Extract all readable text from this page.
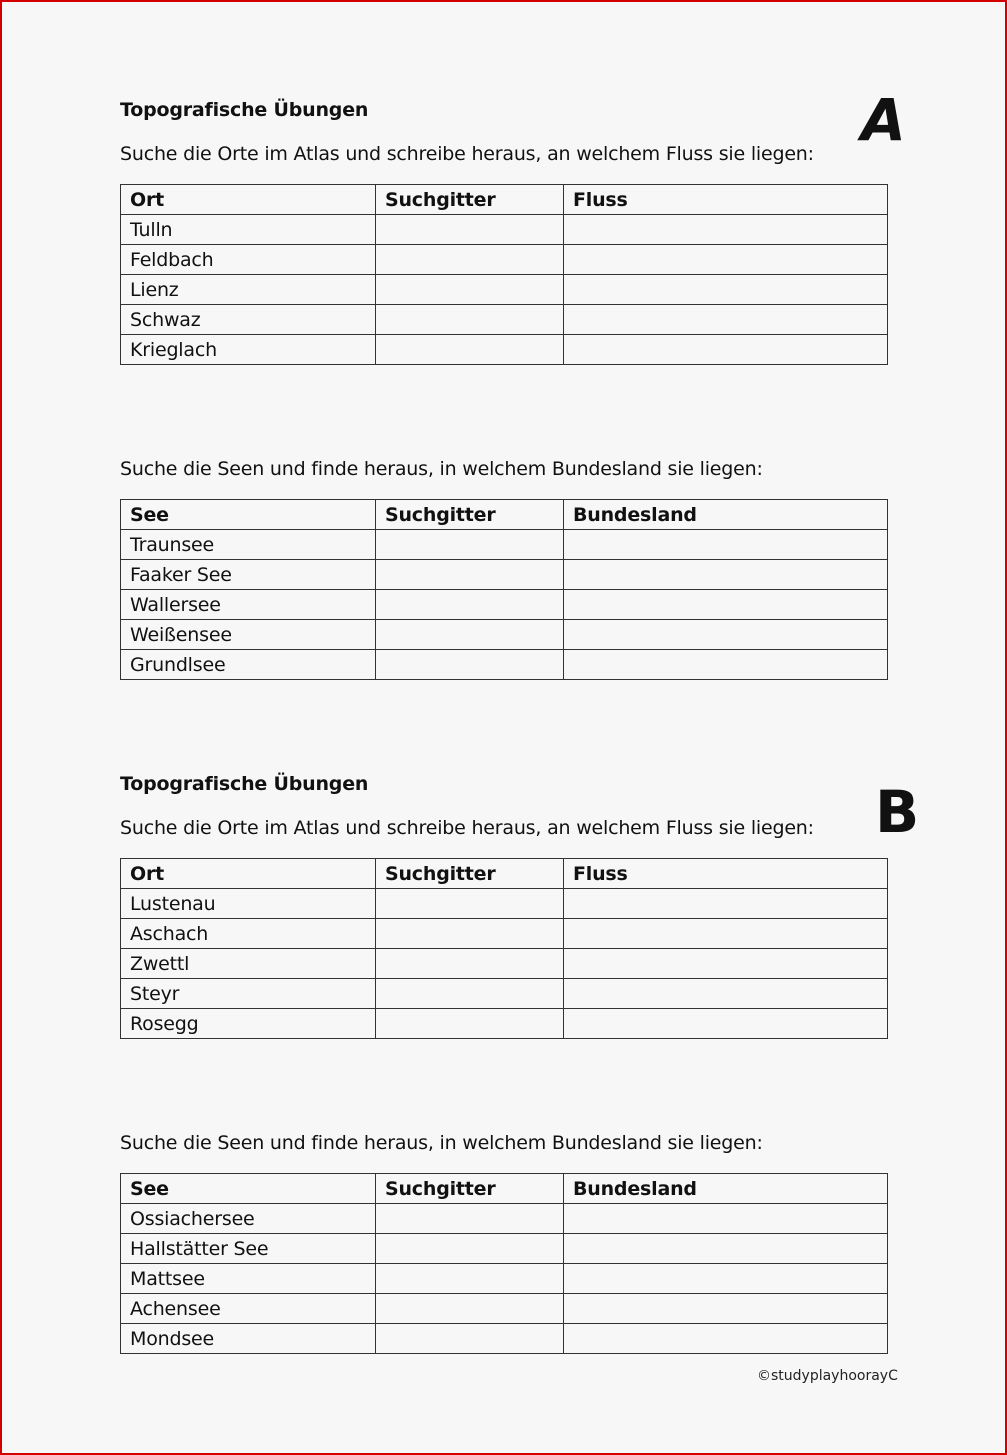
Topografische Übungen	A

Suche die Orte im Atlas und schreibe heraus, an welchem Fluss sie liegen:

Ort	Suchgitter	Fluss
Tulln		
Feldbach		
Lienz		
Schwaz		
Krieglach		

Suche die Seen und finde heraus, in welchem Bundesland sie liegen:

See	Suchgitter	Bundesland
Traunsee		
Faaker See		
Wallersee		
Weißensee		
Grundlsee		

Topografische Übungen	B

Suche die Orte im Atlas und schreibe heraus, an welchem Fluss sie liegen:

Ort	Suchgitter	Fluss
Lustenau		
Aschach		
Zwettl		
Steyr		
Rosegg		

Suche die Seen und finde heraus, in welchem Bundesland sie liegen:

See	Suchgitter	Bundesland
Ossiachersee		
Hallstätter See		
Mattsee		
Achensee		
Mondsee		
©studyplayhoorayC
